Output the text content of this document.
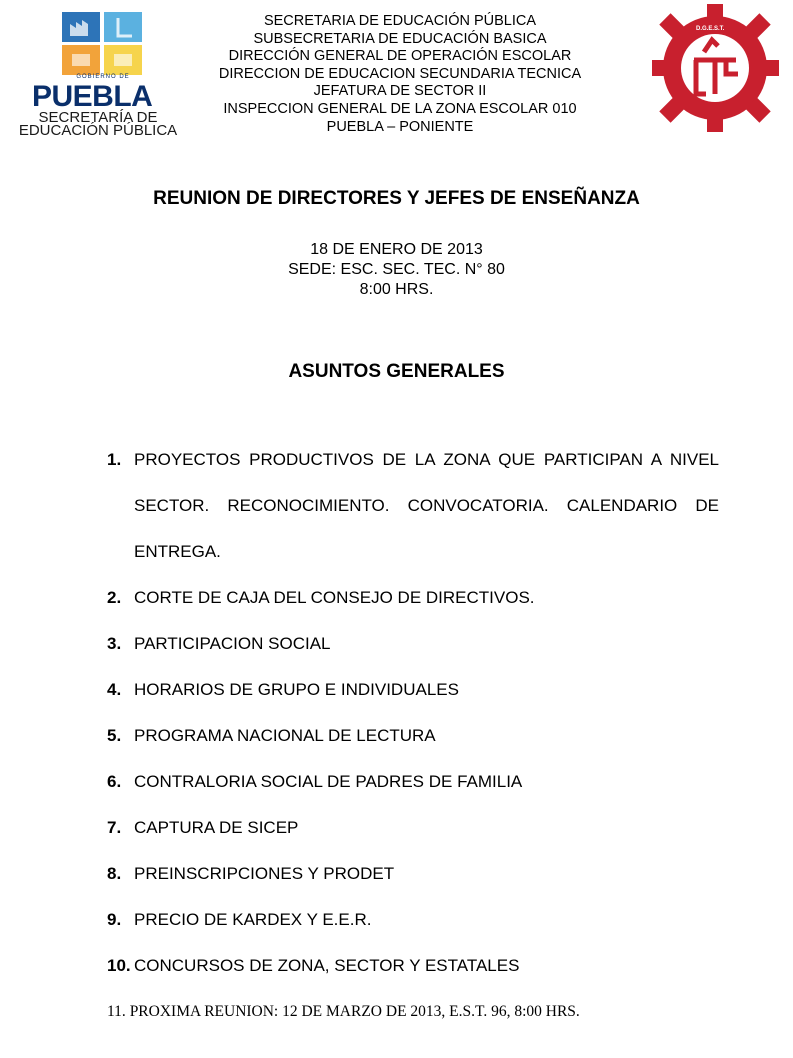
GOBIERNO DE
PUEBLA
SECRETARÍA DE
EDUCACIÓN PÚBLICA
D.G.E.S.T.
SECRETARIA DE EDUCACIÓN PÚBLICA
SUBSECRETARIA DE EDUCACIÓN BASICA
DIRECCIÓN GENERAL DE OPERACIÓN ESCOLAR
DIRECCION DE EDUCACION SECUNDARIA TECNICA
JEFATURA DE SECTOR II
INSPECCION GENERAL DE LA ZONA ESCOLAR 010
PUEBLA – PONIENTE
REUNION DE DIRECTORES Y JEFES DE ENSEÑANZA
18 DE ENERO DE 2013
SEDE: ESC. SEC. TEC. N° 80
8:00 HRS.
ASUNTOS GENERALES
1. PROYECTOS PRODUCTIVOS DE LA ZONA QUE PARTICIPAN A NIVEL SECTOR. RECONOCIMIENTO. CONVOCATORIA. CALENDARIO DE ENTREGA.
2. CORTE DE CAJA DEL CONSEJO DE DIRECTIVOS.
3. PARTICIPACION SOCIAL
4. HORARIOS DE GRUPO E INDIVIDUALES
5. PROGRAMA NACIONAL DE LECTURA
6. CONTRALORIA SOCIAL DE PADRES DE FAMILIA
7. CAPTURA DE SICEP
8. PREINSCRIPCIONES Y PRODET
9. PRECIO DE KARDEX Y E.E.R.
10. CONCURSOS DE ZONA, SECTOR Y ESTATALES
11. PROXIMA REUNION: 12 DE MARZO DE 2013, E.S.T. 96, 8:00 HRS.
